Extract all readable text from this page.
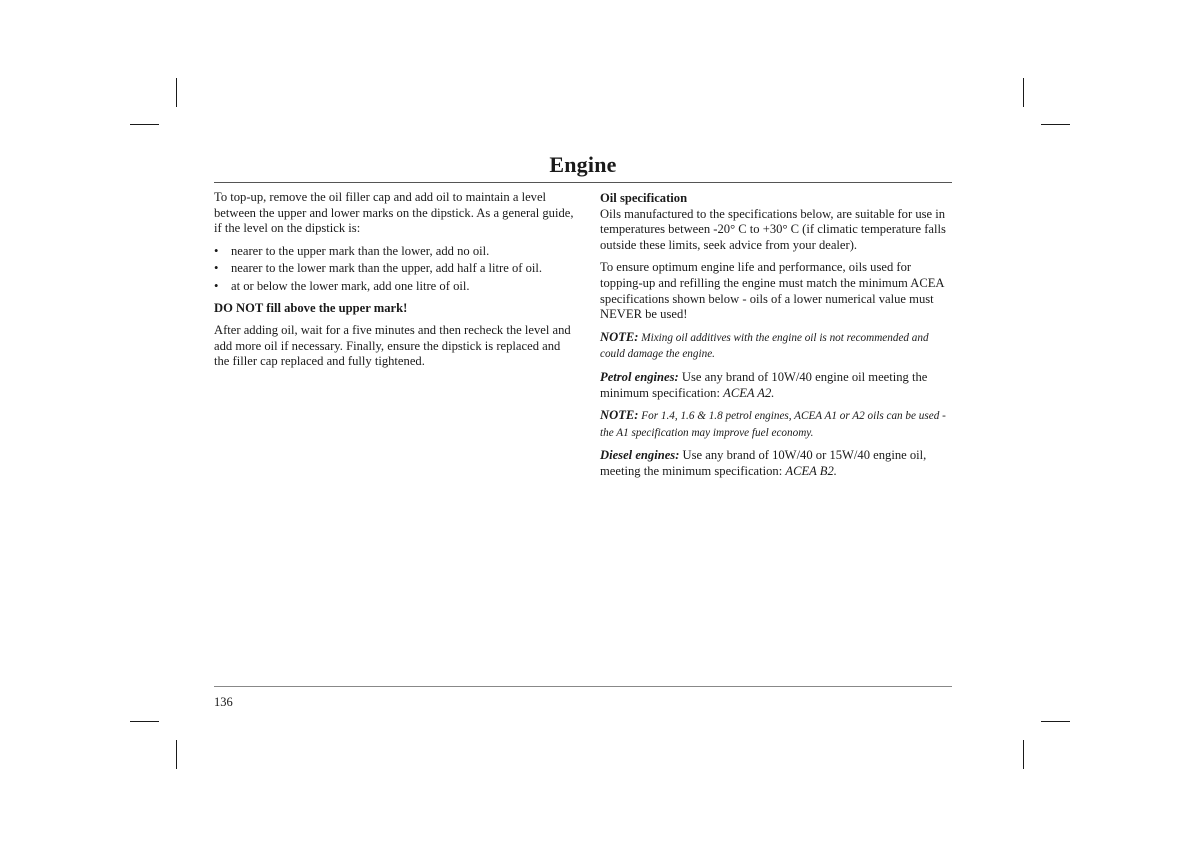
Engine

To top-up, remove the oil filler cap and add oil to maintain a level between the upper and lower marks on the dipstick. As a general guide, if the level on the dipstick is:

• nearer to the upper mark than the lower, add no oil.
• nearer to the lower mark than the upper, add half a litre of oil.
• at or below the lower mark, add one litre of oil.

DO NOT fill above the upper mark!

After adding oil, wait for a five minutes and then recheck the level and add more oil if necessary. Finally, ensure the dipstick is replaced and the filler cap replaced and fully tightened.

Oil specification
Oils manufactured to the specifications below, are suitable for use in temperatures between -20° C to +30° C (if climatic temperature falls outside these limits, seek advice from your dealer).

To ensure optimum engine life and performance, oils used for topping-up and refilling the engine must match the minimum ACEA specifications shown below - oils of a lower numerical value must NEVER be used!

NOTE: Mixing oil additives with the engine oil is not recommended and could damage the engine.

Petrol engines: Use any brand of 10W/40 engine oil meeting the minimum specification: ACEA A2.

NOTE: For 1.4, 1.6 & 1.8 petrol engines, ACEA A1 or A2 oils can be used - the A1 specification may improve fuel economy.

Diesel engines: Use any brand of 10W/40 or 15W/40 engine oil, meeting the minimum specification: ACEA B2.

136
